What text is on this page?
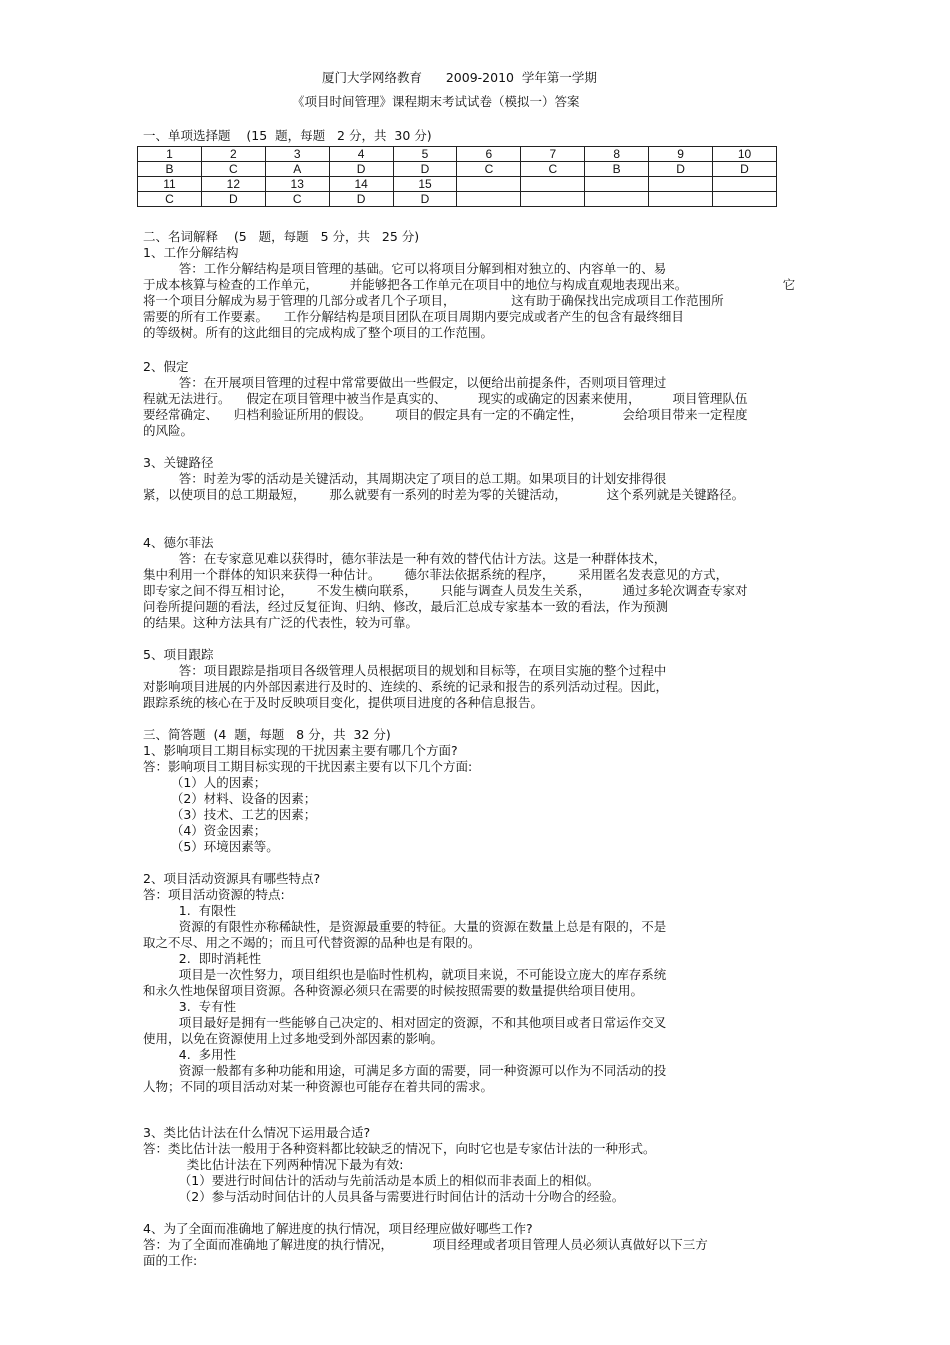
厦门大学网络教育      2009-2010  学年第一学期
《项目时间管理》课程期末考试试卷（模拟一）答案
一、单项选择题    (15  题，每题   2 分，共  30 分)
1	2	3	4	5	6	7	8	9	10
B	C	A	D	D	C	C	B	D	D
11	12	13	14	15					
C	D	C	D	D					
二、名词解释    (5   题，每题   5 分，共   25 分)
1、工作分解结构
答：工作分解结构是项目管理的基础。它可以将项目分解到相对独立的、内容单一的、易
于成本核算与检查的工作单元，        并能够把各工作单元在项目中的地位与构成直观地表现出来。                        它
将一个项目分解成为易于管理的几部分或者几个子项目，              这有助于确保找出完成项目工作范围所
需要的所有工作要素。    工作分解结构是项目团队在项目周期内要完成或者产生的包含有最终细目
的等级树。所有的这此细目的完成构成了整个项目的工作范围。
2、假定
答：在开展项目管理的过程中常常要做出一些假定，以便给出前提条件，否则项目管理过
程就无法进行。    假定在项目管理中被当作是真实的、        现实的或确定的因素来使用，        项目管理队伍
要经常确定、    归档利验证所用的假设。      项目的假定具有一定的不确定性，          会给项目带来一定程度
的风险。
3、关键路径
答：时差为零的活动是关键活动，其周期决定了项目的总工期。如果项目的计划安排得很
紧，以使项目的总工期最短，      那么就要有一系列的时差为零的关键活动，          这个系列就是关键路径。
4、德尔菲法
答：在专家意见难以获得时，德尔菲法是一种有效的替代估计方法。这是一种群体技术，
集中利用一个群体的知识来获得一种估计。      德尔菲法依据系统的程序，      采用匿名发表意见的方式，
即专家之间不得互相讨论，      不发生横向联系，      只能与调查人员发生关系，        通过多轮次调查专家对
问卷所提问题的看法，经过反复征询、归纳、修改，最后汇总成专家基本一致的看法，作为预测
的结果。这种方法具有广泛的代表性，较为可靠。
5、项目跟踪
答：项目跟踪是指项目各级管理人员根据项目的规划和目标等，在项目实施的整个过程中
对影响项目进展的内外部因素进行及时的、连续的、系统的记录和报告的系列活动过程。因此，
跟踪系统的核心在于及时反映项目变化，提供项目进度的各种信息报告。
三、简答题  (4  题，每题   8 分，共  32 分)
1、影响项目工期目标实现的干扰因素主要有哪几个方面?
答：影响项目工期目标实现的干扰因素主要有以下几个方面:
（1）人的因素；
（2）材料、设备的因素；
（3）技术、工艺的因素；
（4）资金因素；
（5）环境因素等。
2、项目活动资源具有哪些特点?
答：项目活动资源的特点:
1.  有限性
资源的有限性亦称稀缺性，是资源最重要的特征。大量的资源在数量上总是有限的，不是
取之不尽、用之不竭的；而且可代替资源的品种也是有限的。
2.  即时消耗性
项目是一次性努力，项目组织也是临时性机构，就项目来说，不可能设立庞大的库存系统
和永久性地保留项目资源。各种资源必须只在需要的时候按照需要的数量提供给项目使用。
3.  专有性
项目最好是拥有一些能够自己决定的、相对固定的资源，不和其他项目或者日常运作交叉
使用，以免在资源使用上过多地受到外部因素的影响。
4.  多用性
资源一般都有多种功能和用途，可满足多方面的需要，同一种资源可以作为不同活动的投
人物；不同的项目活动对某一种资源也可能存在着共同的需求。
3、类比估计法在什么情况下运用最合适?
答：类比估计法一般用于各种资料都比较缺乏的情况下，向时它也是专家估计法的一种形式。
类比估计法在下列两种情况下最为有效:
（1）要进行时间估计的活动与先前活动是本质上的相似而非表面上的相似。
（2）参与活动时间估计的人员具备与需要进行时间估计的活动十分吻合的经验。
4、为了全面而准确地了解进度的执行情况，项目经理应做好哪些工作?
答：为了全面而准确地了解进度的执行情况，          项目经理或者项目管理人员必须认真做好以下三方
面的工作:
